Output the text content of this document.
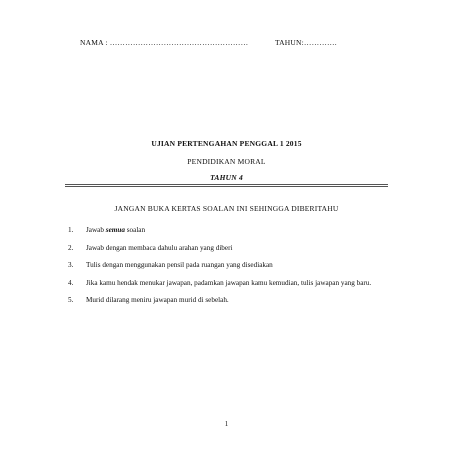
NAMA : ………………………………………………	TAHUN:………….
UJIAN PERTENGAHAN PENGGAL 1 2015
PENDIDIKAN MORAL
TAHUN 4
JANGAN BUKA KERTAS SOALAN INI SEHINGGA DIBERITAHU
1. Jawab semua soalan
2. Jawab dengan membaca dahulu arahan yang diberi
3. Tulis dengan menggunakan pensil pada ruangan yang disediakan
4. Jika kamu hendak menukar jawapan, padamkan jawapan kamu kemudian, tulis jawapan yang baru.
5. Murid dilarang meniru jawapan murid di sebelah.
1
